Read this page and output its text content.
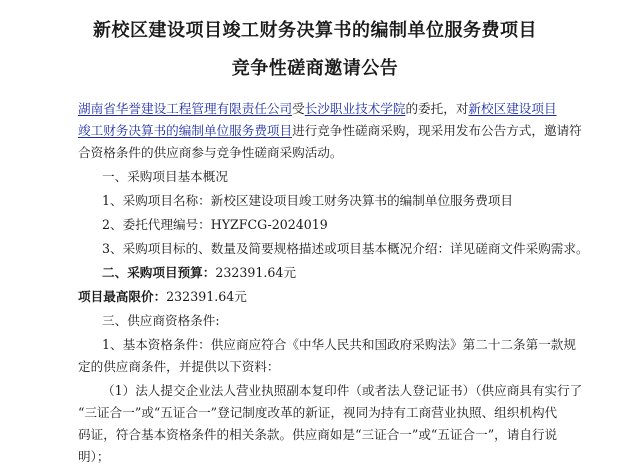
新校区建设项目竣工财务决算书的编制单位服务费项目
竞争性磋商邀请公告
湖南省华誉建设工程管理有限责任公司受长沙职业技术学院的委托，对新校区建设项目
竣工财务决算书的编制单位服务费项目进行竞争性磋商采购，现采用发布公告方式，邀请符
合资格条件的供应商参与竞争性磋商采购活动。
一、采购项目基本概况
1、采购项目名称：新校区建设项目竣工财务决算书的编制单位服务费项目
2、委托代理编号：HYZFCG-2024019
3、采购项目标的、数量及简要规格描述或项目基本概况介绍：详见磋商文件采购需求。
二、采购项目预算：232391.64元
项目最高限价：232391.64元
三、供应商资格条件:
1、基本资格条件：供应商应符合《中华人民共和国政府采购法》第二十二条第一款规
定的供应商条件，并提供以下资料：
（1）法人提交企业法人营业执照副本复印件（或者法人登记证书）（供应商具有实行了
“三证合一”或“五证合一”登记制度改革的新证，视同为持有工商营业执照、组织机构代
码证，符合基本资格条件的相关条款。供应商如是“三证合一”或“五证合一”，请自行说
明）；
